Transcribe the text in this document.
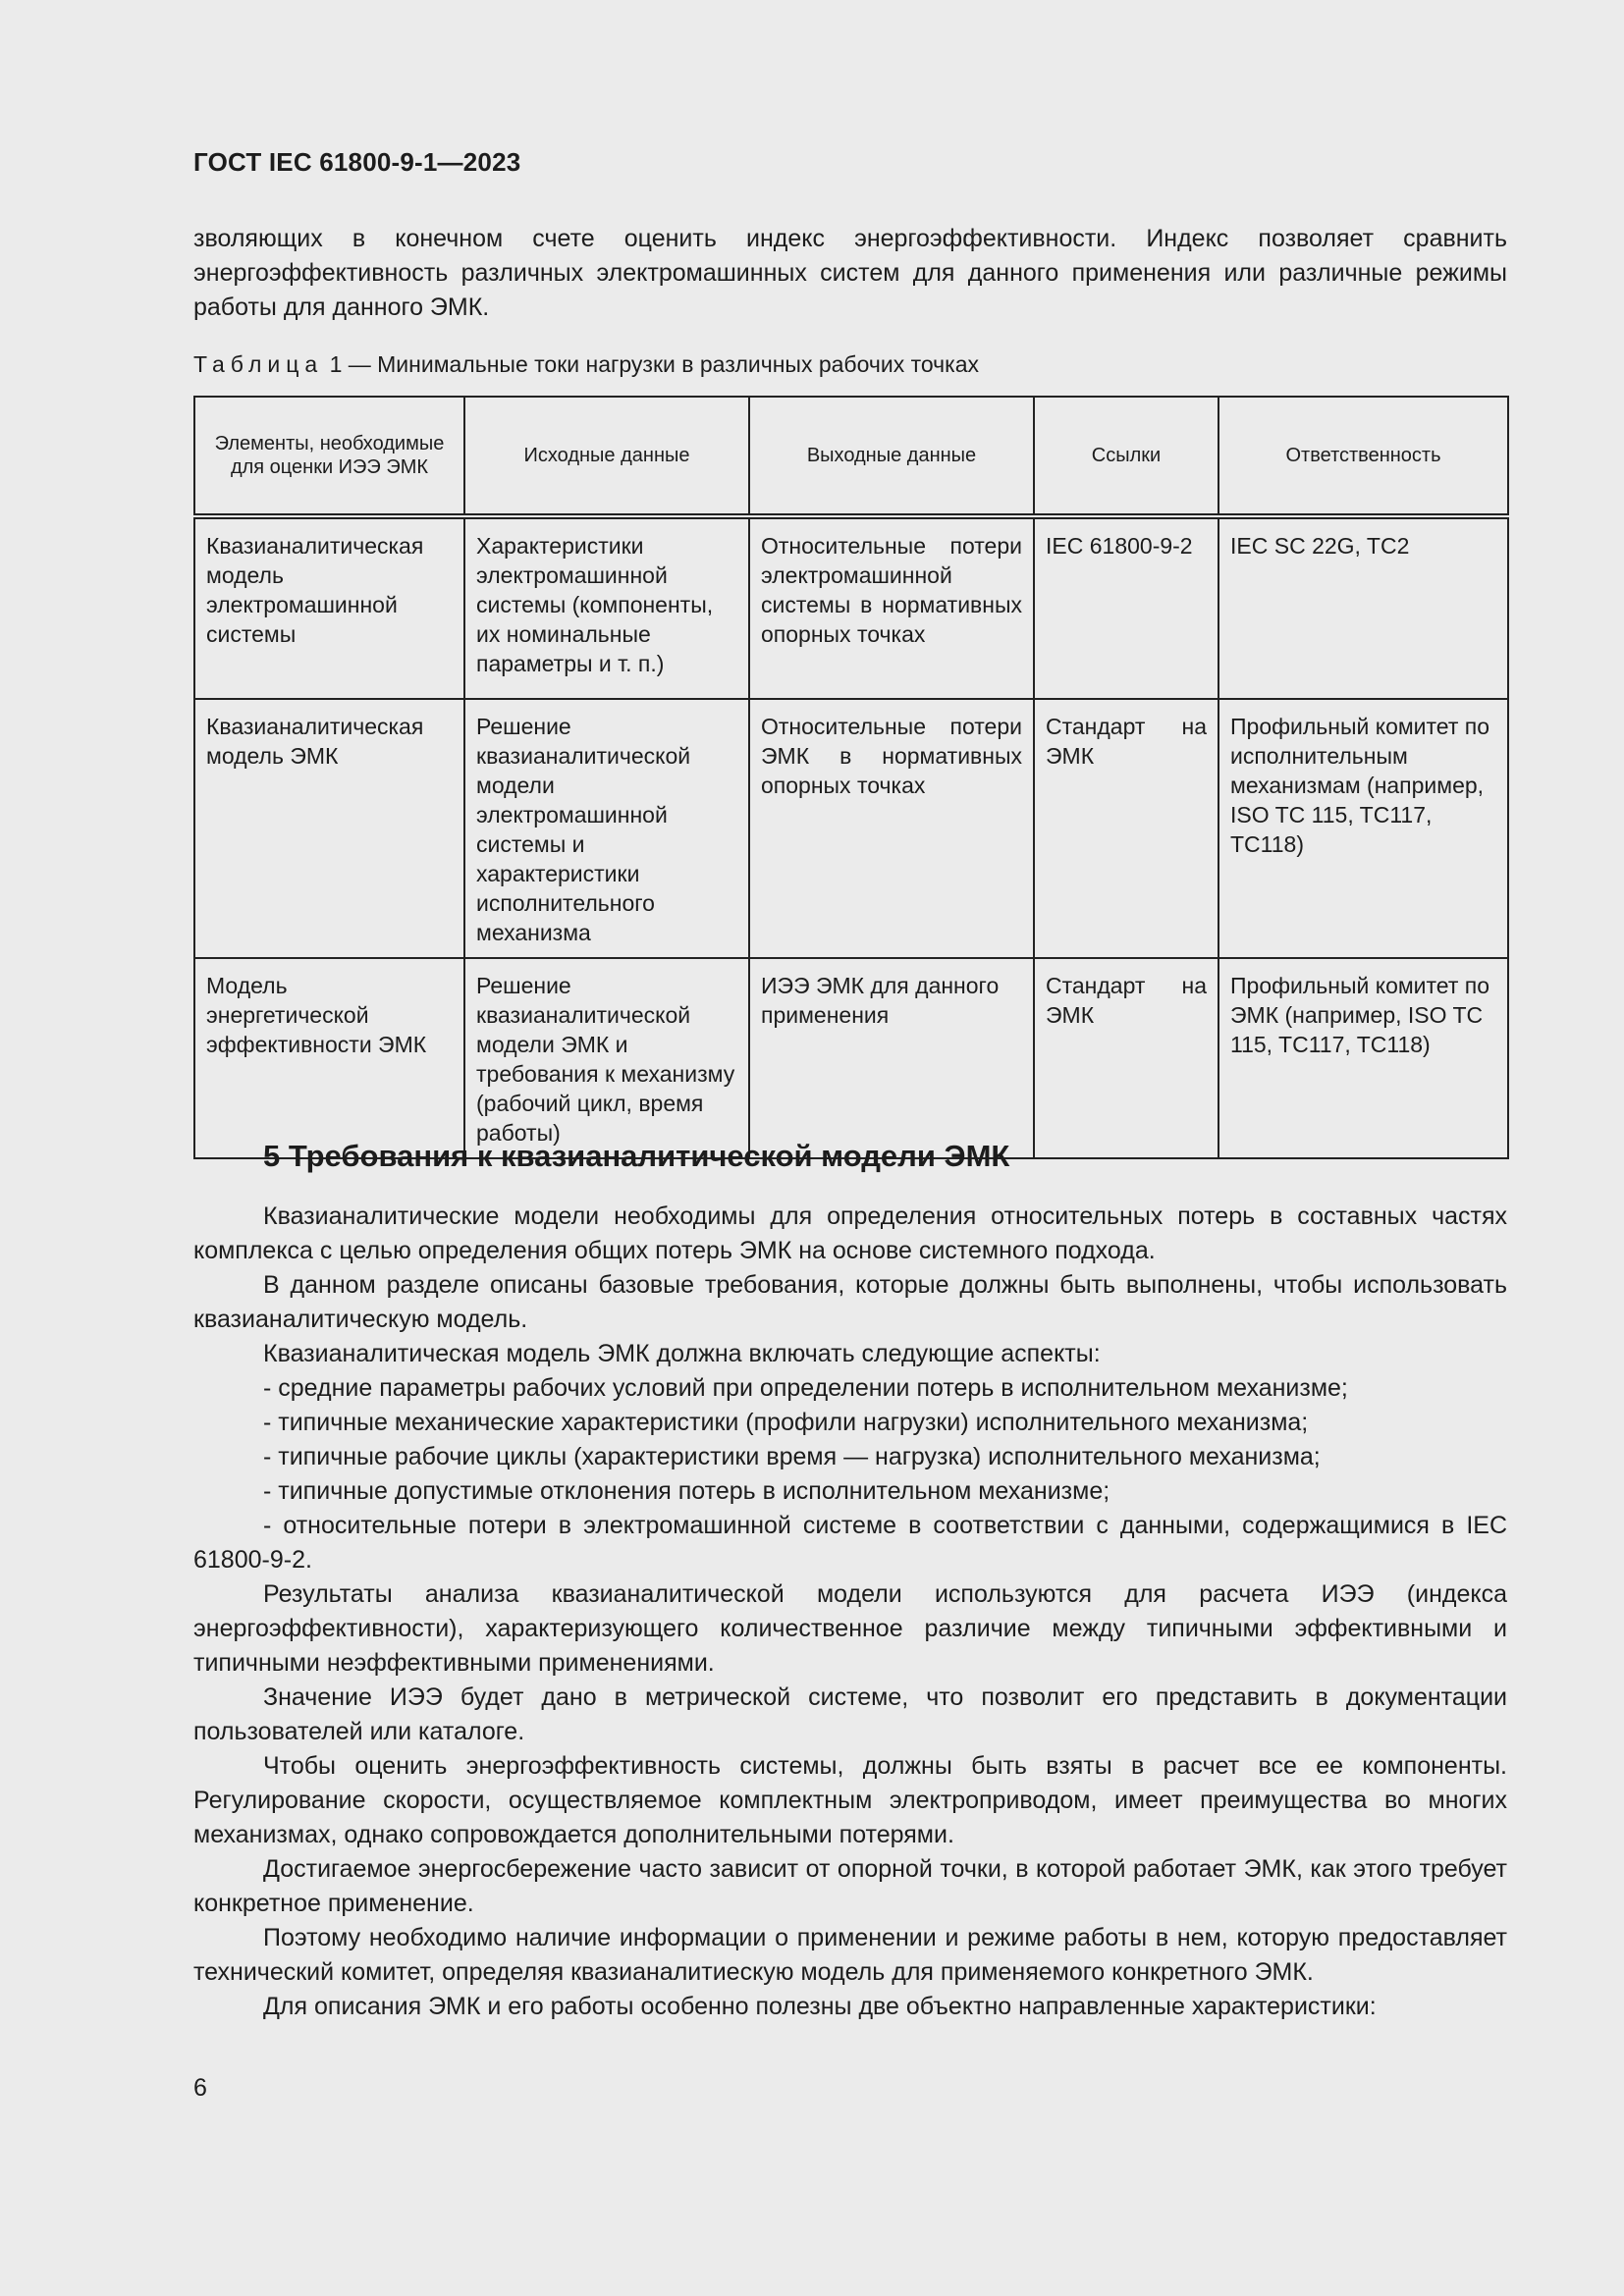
ГОСТ IEC 61800-9-1—2023

зволяющих в конечном счете оценить индекс энергоэффективности. Индекс позволяет сравнить энергоэффективность различных электромашинных систем для данного применения или различные режимы работы для данного ЭМК.

Таблица 1 — Минимальные токи нагрузки в различных рабочих точках
Элементы, необходимые для оценки ИЭЭ ЭМК	Исходные данные	Выходные данные	Ссылки	Ответственность
Квазианалитическая модель электромашинной системы	Характеристики электромашинной системы (компоненты, их номинальные параметры и т. п.)	Относительные потери электромашинной системы в нормативных опорных точках	IEC 61800-9-2	IEC SC 22G, TC2
Квазианалитическая модель ЭМК	Решение квазианалитической модели электромашинной системы и характеристики исполнительного механизма	Относительные потери ЭМК в нормативных опорных точках	Стандарт на ЭМК	Профильный комитет по исполнительным механизмам (например, ISO TC 115, TC117, TC118)
Модель энергетической эффективности ЭМК	Решение квазианалитической модели ЭМК и требования к механизму (рабочий цикл, время работы)	ИЭЭ ЭМК для данного применения	Стандарт на ЭМК	Профильный комитет по ЭМК (например, ISO TC 115, TC117, TC118)
5 Требования к квазианалитической модели ЭМК

Квазианалитические модели необходимы для определения относительных потерь в составных частях комплекса с целью определения общих потерь ЭМК на основе системного подхода.

В данном разделе описаны базовые требования, которые должны быть выполнены, чтобы использовать квазианалитическую модель.

Квазианалитическая модель ЭМК должна включать следующие аспекты:

- средние параметры рабочих условий при определении потерь в исполнительном механизме;

- типичные механические характеристики (профили нагрузки) исполнительного механизма;

- типичные рабочие циклы (характеристики время — нагрузка) исполнительного механизма;

- типичные допустимые отклонения потерь в исполнительном механизме;

- относительные потери в электромашинной системе в соответствии с данными, содержащимися в IEC 61800-9-2.

Результаты анализа квазианалитической модели используются для расчета ИЭЭ (индекса энергоэффективности), характеризующего количественное различие между типичными эффективными и типичными неэффективными применениями.

Значение ИЭЭ будет дано в метрической системе, что позволит его представить в документации пользователей или каталоге.

Чтобы оценить энергоэффективность системы, должны быть взяты в расчет все ее компоненты. Регулирование скорости, осуществляемое комплектным электроприводом, имеет преимущества во многих механизмах, однако сопровождается дополнительными потерями.

Достигаемое энергосбережение часто зависит от опорной точки, в которой работает ЭМК, как этого требует конкретное применение.

Поэтому необходимо наличие информации о применении и режиме работы в нем, которую предоставляет технический комитет, определяя квазианалитиескую модель для применяемого конкретного ЭМК.

Для описания ЭМК и его работы особенно полезны две объектно направленные характеристики:

6
